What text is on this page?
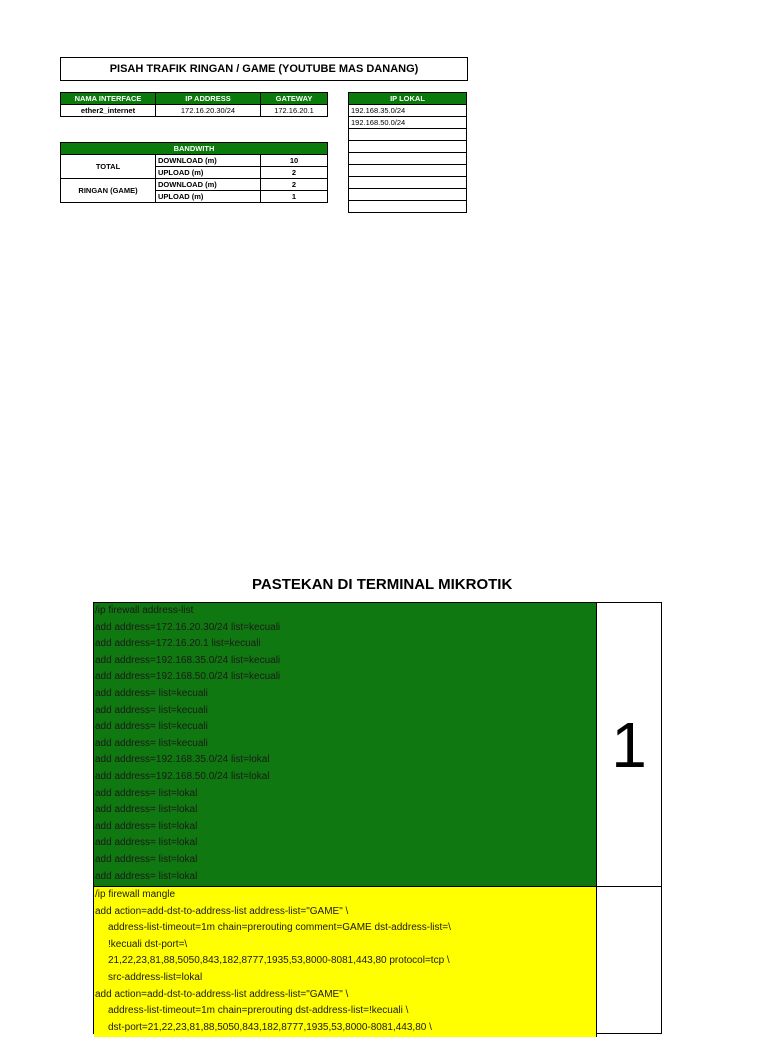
PISAH TRAFIK RINGAN / GAME (YOUTUBE MAS DANANG)
NAMA INTERFACE	IP ADDRESS	GATEWAY
ether2_internet	172.16.20.30/24	172.16.20.1
IP LOKAL
192.168.35.0/24
192.168.50.0/24

BANDWITH		
TOTAL	DOWNLOAD (m)	10
	UPLOAD (m)	2
RINGAN (GAME)	DOWNLOAD (m)	2
	UPLOAD (m)	1
PASTEKAN DI TERMINAL MIKROTIK
/ip firewall address-list
add address=172.16.20.30/24 list=kecuali
add address=172.16.20.1 list=kecuali
add address=192.168.35.0/24 list=kecuali
add address=192.168.50.0/24 list=kecuali
add address= list=kecuali
add address= list=kecuali
add address= list=kecuali
add address= list=kecuali
add address=192.168.35.0/24 list=lokal
add address=192.168.50.0/24 list=lokal
add address= list=lokal
add address= list=lokal
add address= list=lokal
add address= list=lokal
add address= list=lokal
add address= list=lokal
1
/ip firewall mangle
add action=add-dst-to-address-list address-list="GAME" \
address-list-timeout=1m chain=prerouting comment=GAME dst-address-list=\
!kecuali dst-port=\
21,22,23,81,88,5050,843,182,8777,1935,53,8000-8081,443,80 protocol=tcp \
src-address-list=lokal
add action=add-dst-to-address-list address-list="GAME" \
address-list-timeout=1m chain=prerouting dst-address-list=!kecuali \
dst-port=21,22,23,81,88,5050,843,182,8777,1935,53,8000-8081,443,80 \
